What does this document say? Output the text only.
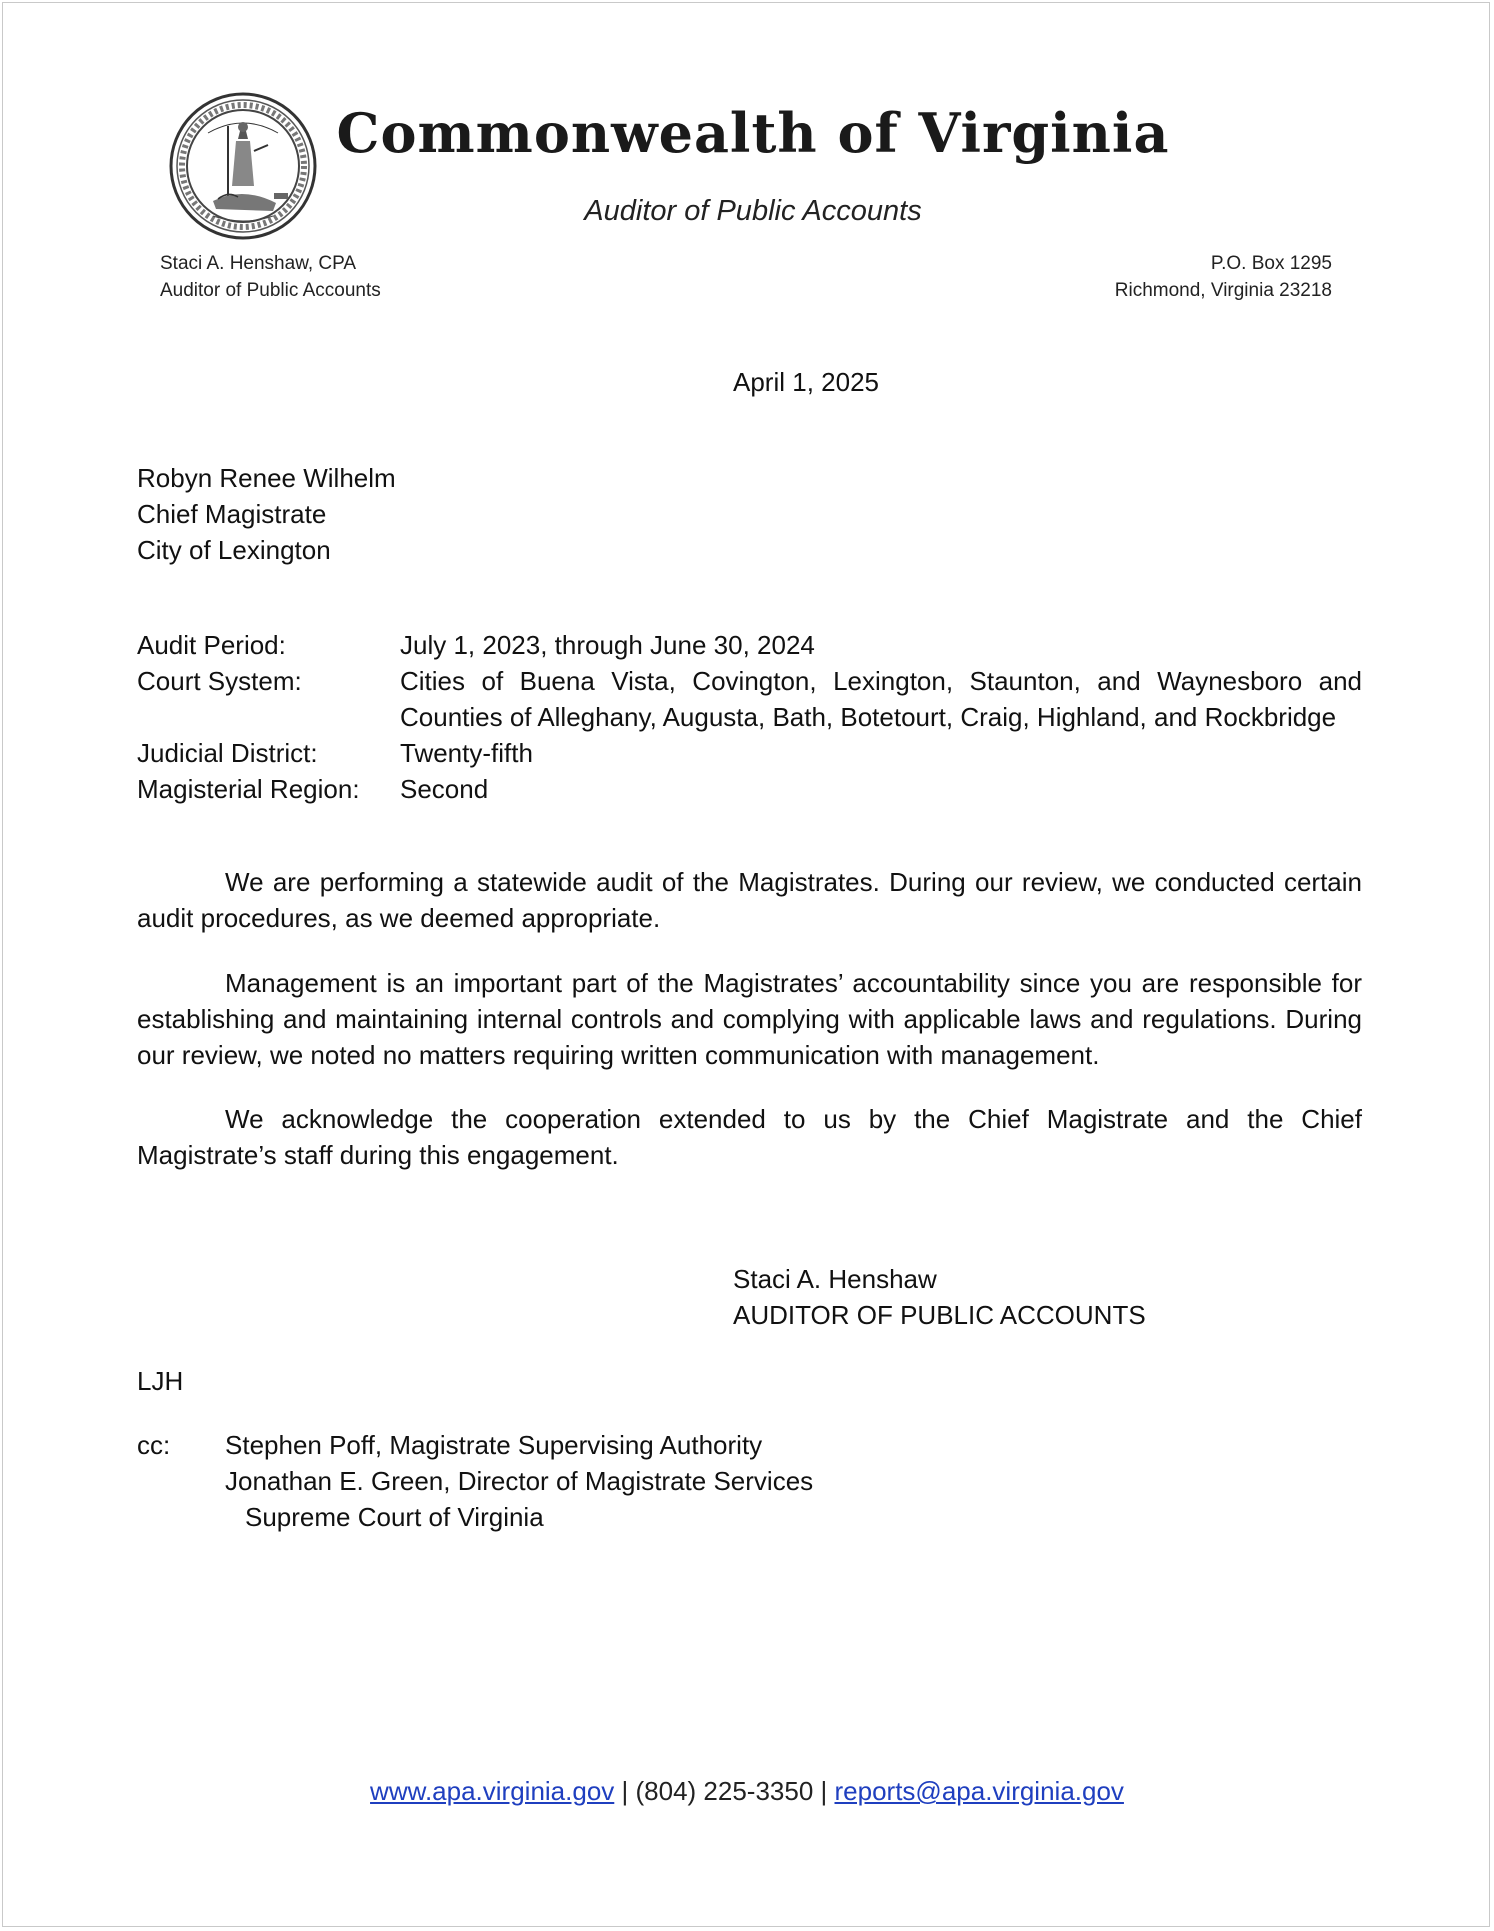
Commonwealth of Virginia
Auditor of Public Accounts
Staci A. Henshaw, CPA
Auditor of Public Accounts
P.O. Box 1295
Richmond, Virginia 23218
April 1, 2025
Robyn Renee Wilhelm
Chief Magistrate
City of Lexington
Audit Period:	July 1, 2023, through June 30, 2024
Court System:	Cities of Buena Vista, Covington, Lexington, Staunton, and Waynesboro and
Counties of Alleghany, Augusta, Bath, Botetourt, Craig, Highland, and Rockbridge
Judicial District:	Twenty-fifth
Magisterial Region:	Second
We are performing a statewide audit of the Magistrates. During our review, we conducted certain audit procedures, as we deemed appropriate.
Management is an important part of the Magistrates’ accountability since you are responsible for establishing and maintaining internal controls and complying with applicable laws and regulations. During our review, we noted no matters requiring written communication with management.
We acknowledge the cooperation extended to us by the Chief Magistrate and the Chief Magistrate’s staff during this engagement.
Staci A. Henshaw
AUDITOR OF PUBLIC ACCOUNTS
LJH
cc:	Stephen Poff, Magistrate Supervising Authority
Jonathan E. Green, Director of Magistrate Services
Supreme Court of Virginia
www.apa.virginia.gov | (804) 225-3350 | reports@apa.virginia.gov
